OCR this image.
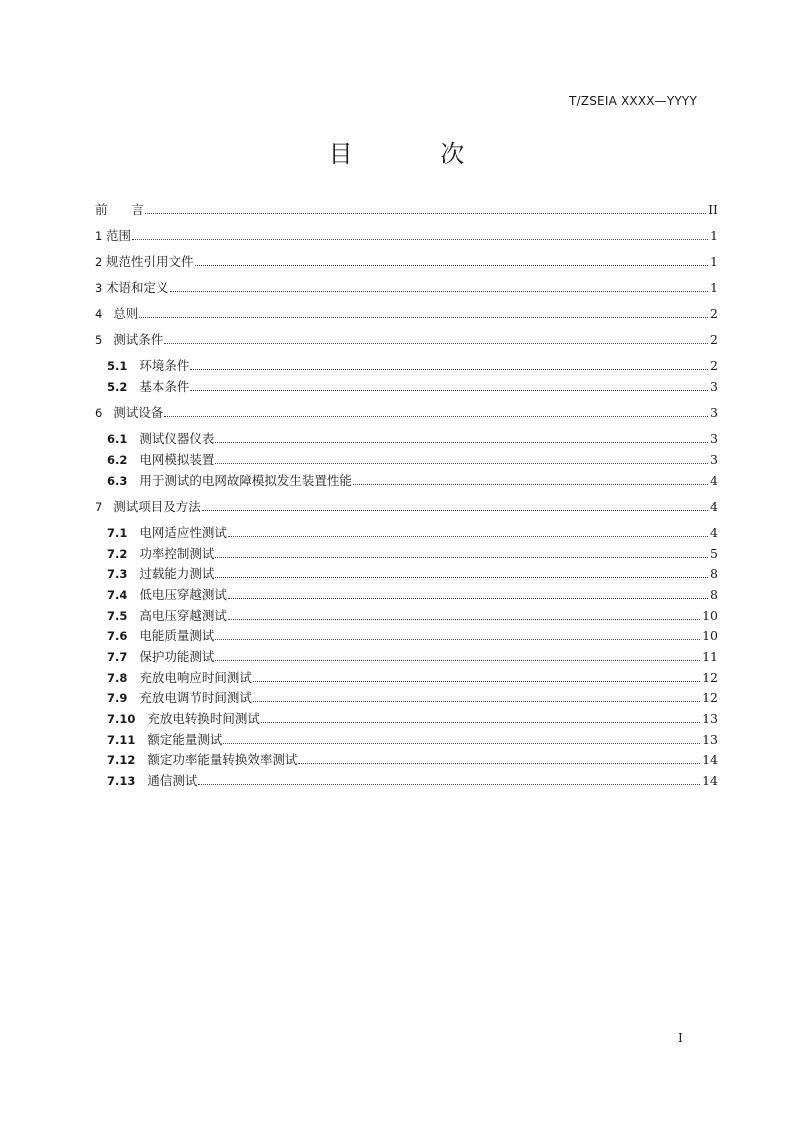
T/ZSEIA XXXX—YYYY
目 次
前      言	II
1 范围	1
2 规范性引用文件	1
3 术语和定义	1
4 总则	2
5 测试条件	2
5.1 环境条件	2
5.2 基本条件	3
6 测试设备	3
6.1 测试仪器仪表	3
6.2 电网模拟装置	3
6.3 用于测试的电网故障模拟发生装置性能	4
7 测试项目及方法	4
7.1 电网适应性测试	4
7.2 功率控制测试	5
7.3 过载能力测试	8
7.4 低电压穿越测试	8
7.5 高电压穿越测试	10
7.6 电能质量测试	10
7.7 保护功能测试	11
7.8 充放电响应时间测试	12
7.9 充放电调节时间测试	12
7.10 充放电转换时间测试	13
7.11 额定能量测试	13
7.12 额定功率能量转换效率测试	14
7.13 通信测试	14
I
